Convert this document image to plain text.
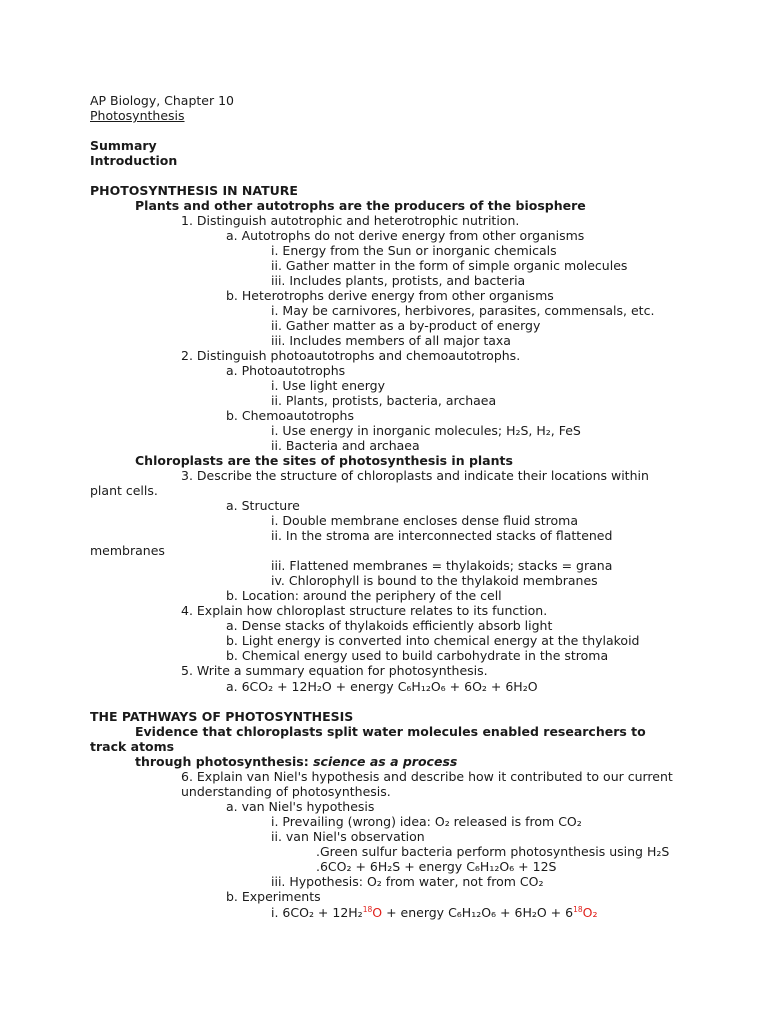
AP Biology, Chapter 10
Photosynthesis
Summary
Introduction
PHOTOSYNTHESIS IN NATURE
Plants and other autotrophs are the producers of the biosphere
1. Distinguish autotrophic and heterotrophic nutrition.
a. Autotrophs do not derive energy from other organisms
i. Energy from the Sun or inorganic chemicals
ii. Gather matter in the form of simple organic molecules
iii. Includes plants, protists, and bacteria
b. Heterotrophs derive energy from other organisms
i. May be carnivores, herbivores, parasites, commensals, etc.
ii. Gather matter as a by-product of energy
iii. Includes members of all major taxa
2. Distinguish photoautotrophs and chemoautotrophs.
a. Photoautotrophs
i. Use light energy
ii. Plants, protists, bacteria, archaea
b. Chemoautotrophs
i. Use energy in inorganic molecules; H₂S, H₂, FeS
ii. Bacteria and archaea
Chloroplasts are the sites of photosynthesis in plants
3. Describe the structure of chloroplasts and indicate their locations within
plant cells.
a. Structure
i. Double membrane encloses dense fluid stroma
ii. In the stroma are interconnected stacks of flattened
membranes
iii. Flattened membranes = thylakoids; stacks = grana
iv. Chlorophyll is bound to the thylakoid membranes
b. Location: around the periphery of the cell
4. Explain how chloroplast structure relates to its function.
a. Dense stacks of thylakoids efficiently absorb light
b. Light energy is converted into chemical energy at the thylakoid
b. Chemical energy used to build carbohydrate in the stroma
5. Write a summary equation for photosynthesis.
a. 6CO₂ + 12H₂O + energy C₆H₁₂O₆ + 6O₂ + 6H₂O
THE PATHWAYS OF PHOTOSYNTHESIS
Evidence that chloroplasts split water molecules enabled researchers to
track atoms
through photosynthesis: science as a process
6. Explain van Niel's hypothesis and describe how it contributed to our current
understanding of photosynthesis.
a. van Niel's hypothesis
i. Prevailing (wrong) idea: O₂ released is from CO₂
ii. van Niel's observation
.Green sulfur bacteria perform photosynthesis using H₂S
.6CO₂ + 6H₂S + energy C₆H₁₂O₆ + 12S
iii. Hypothesis: O₂ from water, not from CO₂
b. Experiments
i. 6CO₂ + 12H₂$^{18}$O + energy $C_6H_{12}O_6 + 6H_2O + 6^{18}O_2$
